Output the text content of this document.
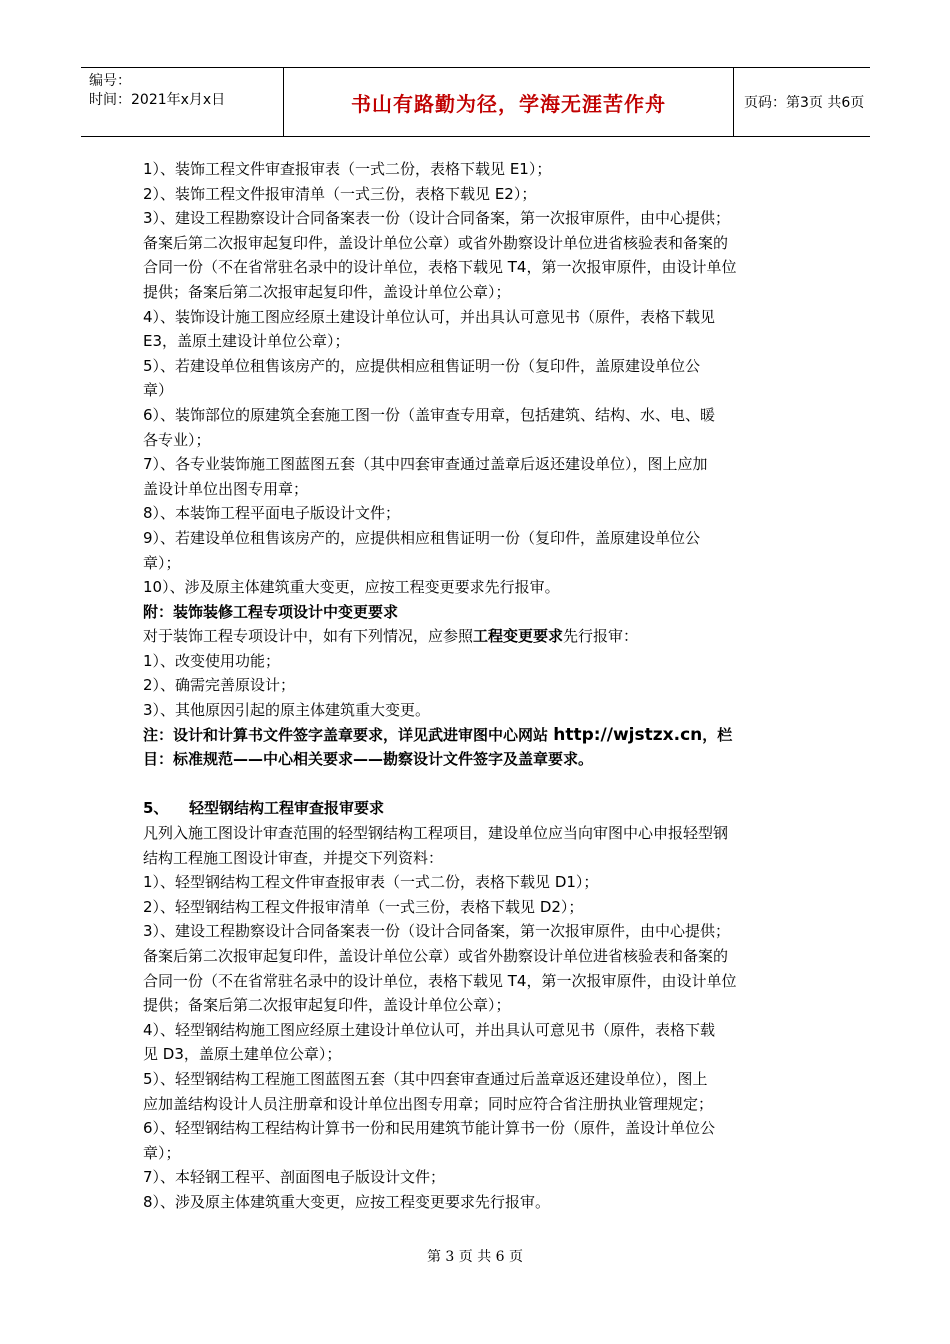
编号：
时间：2021年x月x日	书山有路勤为径，学海无涯苦作舟	页码：第3页 共6页
1）、装饰工程文件审查报审表（一式二份，表格下载见 E1）；
2）、装饰工程文件报审清单（一式三份，表格下载见 E2）；
3）、建设工程勘察设计合同备案表一份（设计合同备案，第一次报审原件，由中心提供；
备案后第二次报审起复印件，盖设计单位公章）或省外勘察设计单位进省核验表和备案的
合同一份（不在省常驻名录中的设计单位，表格下载见 T4，第一次报审原件，由设计单位
提供；备案后第二次报审起复印件，盖设计单位公章）；
4）、装饰设计施工图应经原土建设计单位认可，并出具认可意见书（原件，表格下载见
E3，盖原土建设计单位公章）；
5）、若建设单位租售该房产的，应提供相应租售证明一份（复印件，盖原建设单位公
章）
6）、装饰部位的原建筑全套施工图一份（盖审查专用章，包括建筑、结构、水、电、暖
各专业）；
7）、各专业装饰施工图蓝图五套（其中四套审查通过盖章后返还建设单位），图上应加
盖设计单位出图专用章；
8）、本装饰工程平面电子版设计文件；
9）、若建设单位租售该房产的，应提供相应租售证明一份（复印件，盖原建设单位公
章）；
10）、涉及原主体建筑重大变更，应按工程变更要求先行报审。
附：装饰装修工程专项设计中变更要求
对于装饰工程专项设计中，如有下列情况，应参照工程变更要求先行报审：
1）、改变使用功能；
2）、确需完善原设计；
3）、其他原因引起的原主体建筑重大变更。
注：设计和计算书文件签字盖章要求，详见武进审图中心网站 http://wjstzx.cn，栏
目：标准规范——中心相关要求——勘察设计文件签字及盖章要求。
5、 轻型钢结构工程审查报审要求
凡列入施工图设计审查范围的轻型钢结构工程项目，建设单位应当向审图中心申报轻型钢
结构工程施工图设计审查，并提交下列资料：
1）、轻型钢结构工程文件审查报审表（一式二份，表格下载见 D1）；
2）、轻型钢结构工程文件报审清单（一式三份，表格下载见 D2）；
3）、建设工程勘察设计合同备案表一份（设计合同备案，第一次报审原件，由中心提供；
备案后第二次报审起复印件，盖设计单位公章）或省外勘察设计单位进省核验表和备案的
合同一份（不在省常驻名录中的设计单位，表格下载见 T4，第一次报审原件，由设计单位
提供；备案后第二次报审起复印件，盖设计单位公章）；
4）、轻型钢结构施工图应经原土建设计单位认可，并出具认可意见书（原件，表格下载
见 D3，盖原土建单位公章）；
5）、轻型钢结构工程施工图蓝图五套（其中四套审查通过后盖章返还建设单位），图上
应加盖结构设计人员注册章和设计单位出图专用章；同时应符合省注册执业管理规定；
6）、轻型钢结构工程结构计算书一份和民用建筑节能计算书一份（原件，盖设计单位公
章）；
7）、本轻钢工程平、剖面图电子版设计文件；
8）、涉及原主体建筑重大变更，应按工程变更要求先行报审。
第 3 页 共 6 页
